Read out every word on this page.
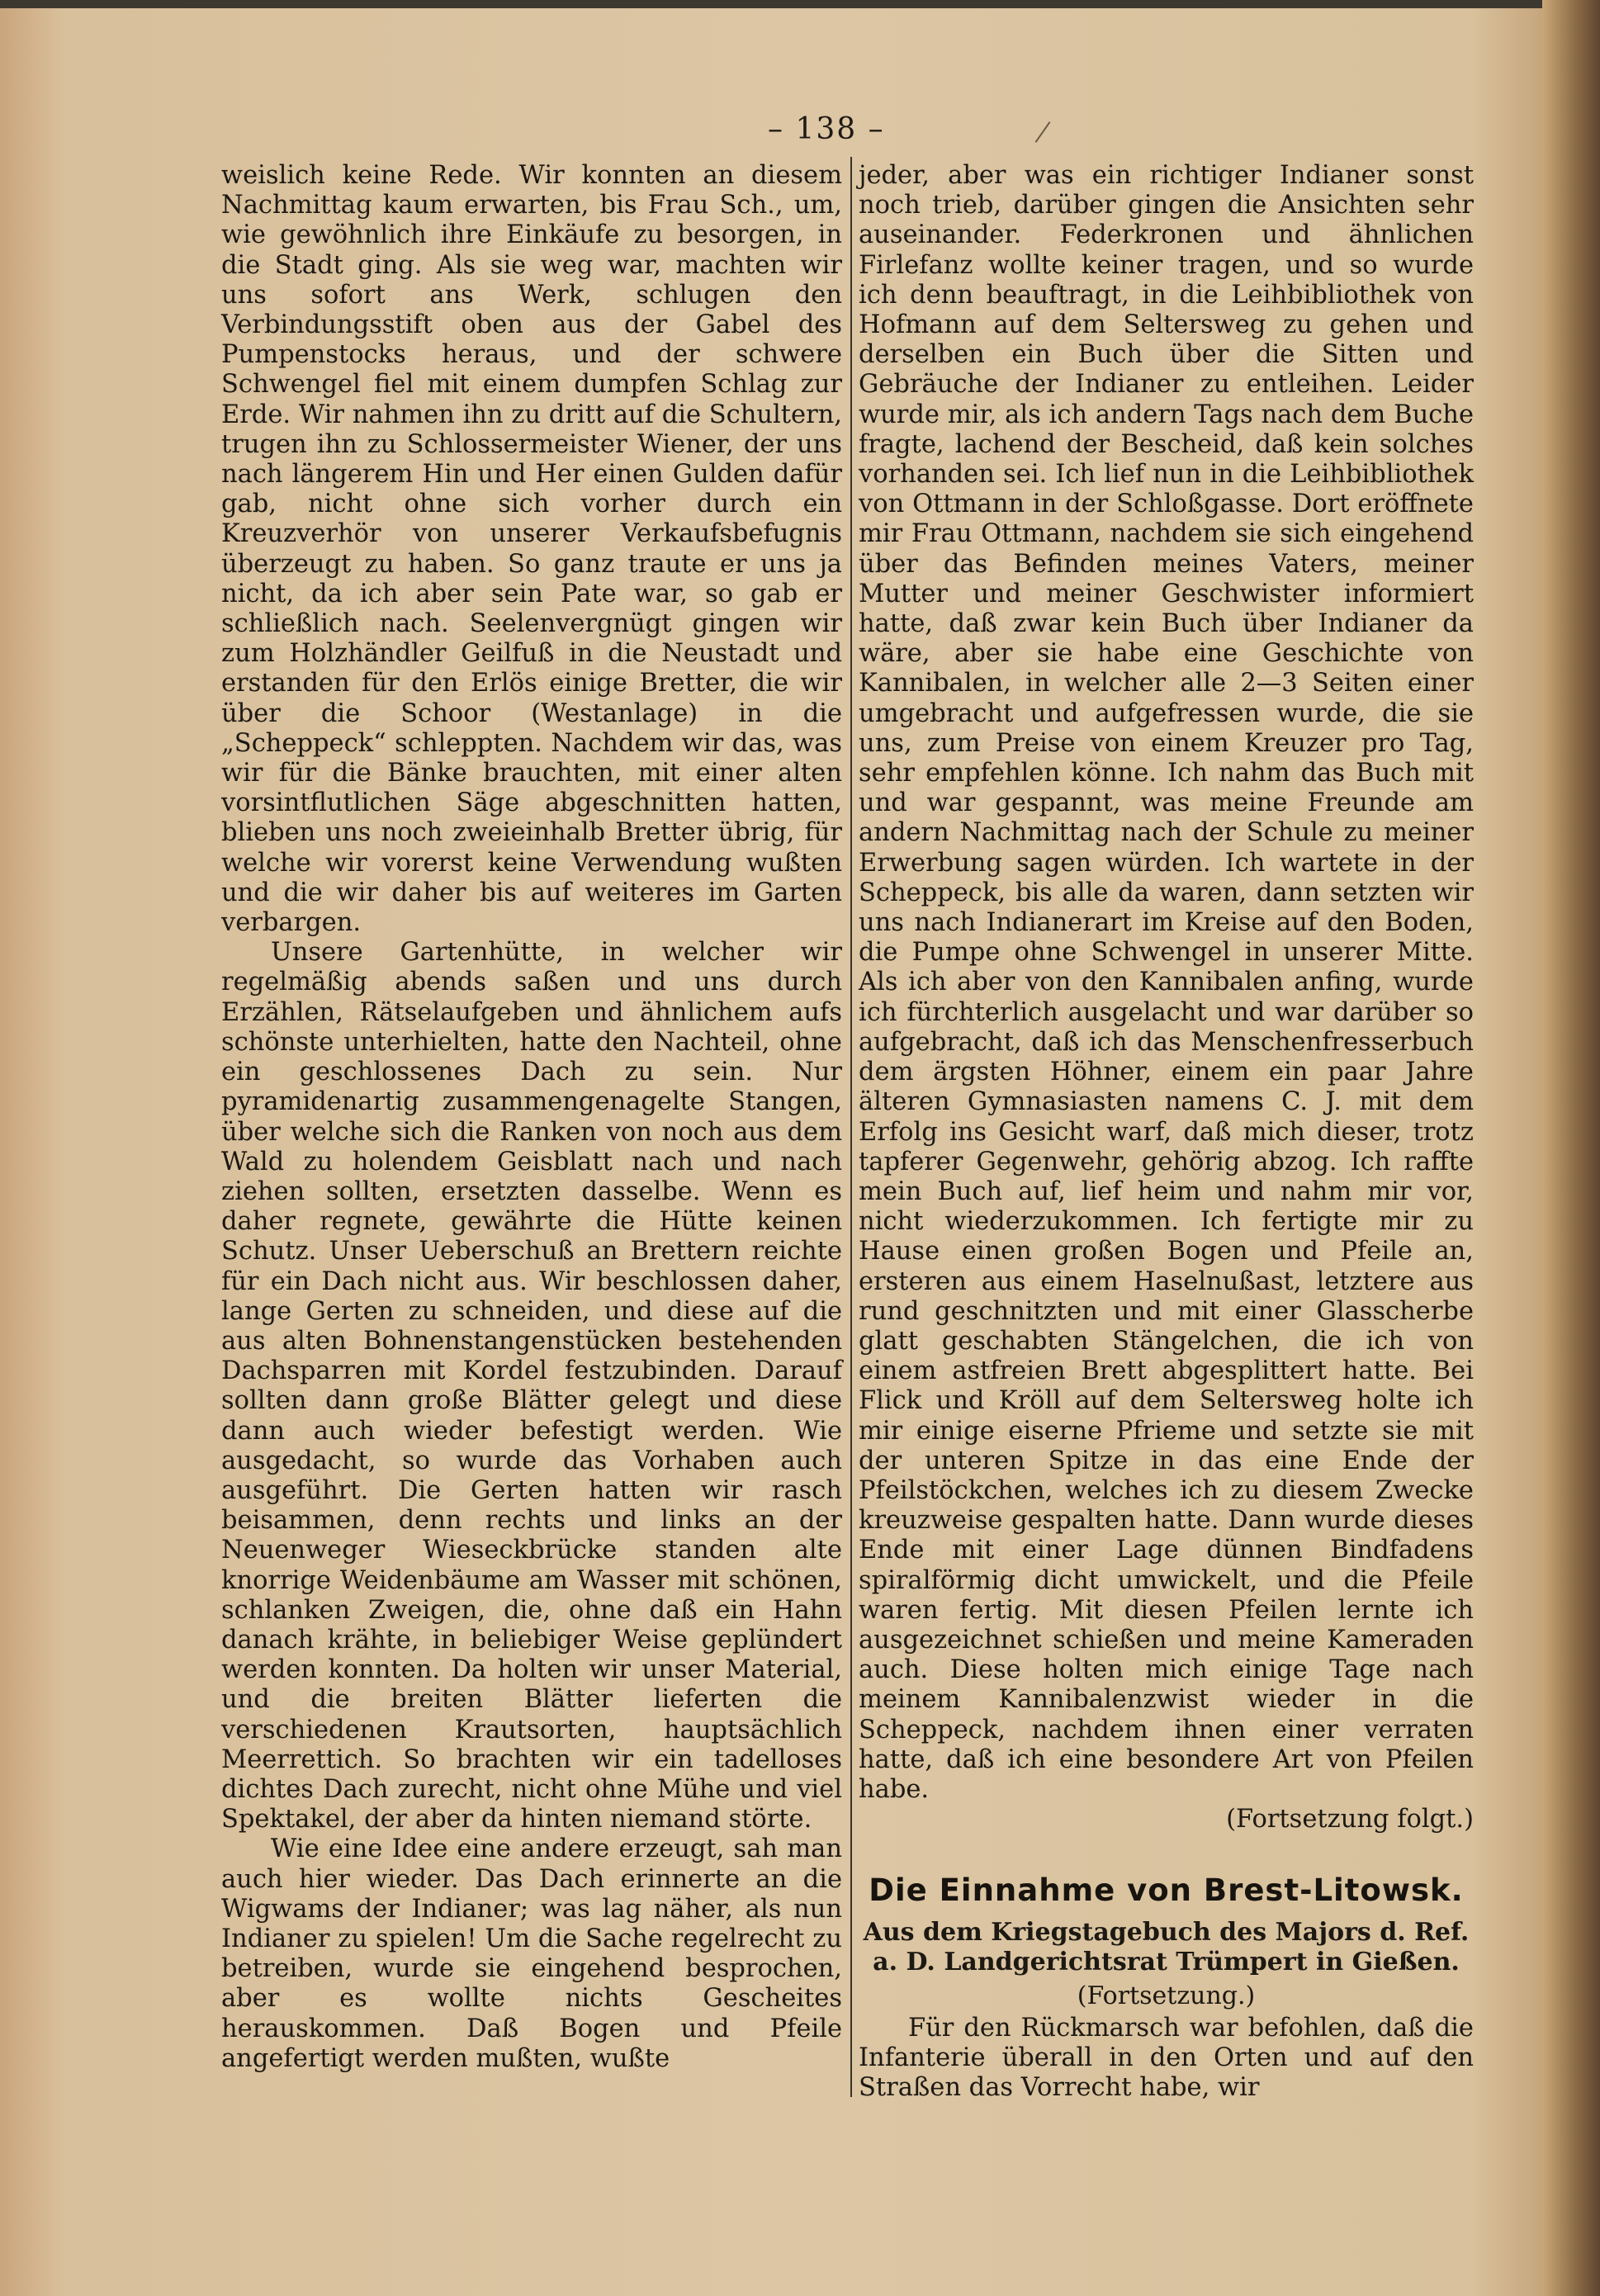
– 138 –

weislich keine Rede. Wir konnten an diesem Nachmittag kaum erwarten, bis Frau Sch., um, wie gewöhnlich ihre Einkäufe zu besorgen, in die Stadt ging. Als sie weg war, machten wir uns sofort ans Werk, schlugen den Verbindungsstift oben aus der Gabel des Pumpenstocks heraus, und der schwere Schwengel fiel mit einem dumpfen Schlag zur Erde. Wir nahmen ihn zu dritt auf die Schultern, trugen ihn zu Schlossermeister Wiener, der uns nach längerem Hin und Her einen Gulden dafür gab, nicht ohne sich vorher durch ein Kreuzverhör von unserer Verkaufsbefugnis überzeugt zu haben. So ganz traute er uns ja nicht, da ich aber sein Pate war, so gab er schließlich nach. Seelenvergnügt gingen wir zum Holzhändler Geilfuß in die Neustadt und erstanden für den Erlös einige Bretter, die wir über die Schoor (Westanlage) in die „Scheppeck“ schleppten. Nachdem wir das, was wir für die Bänke brauchten, mit einer alten vorsintflutlichen Säge abgeschnitten hatten, blieben uns noch zweieinhalb Bretter übrig, für welche wir vorerst keine Verwendung wußten und die wir daher bis auf weiteres im Garten verbargen.

Unsere Gartenhütte, in welcher wir regelmäßig abends saßen und uns durch Erzählen, Rätselaufgeben und ähnlichem aufs schönste unterhielten, hatte den Nachteil, ohne ein geschlossenes Dach zu sein. Nur pyramidenartig zusammengenagelte Stangen, über welche sich die Ranken von noch aus dem Wald zu holendem Geisblatt nach und nach ziehen sollten, ersetzten dasselbe. Wenn es daher regnete, gewährte die Hütte keinen Schutz. Unser Ueberschuß an Brettern reichte für ein Dach nicht aus. Wir beschlossen daher, lange Gerten zu schneiden, und diese auf die aus alten Bohnenstangenstücken bestehenden Dachsparren mit Kordel festzubinden. Darauf sollten dann große Blätter gelegt und diese dann auch wieder befestigt werden. Wie ausgedacht, so wurde das Vorhaben auch ausgeführt. Die Gerten hatten wir rasch beisammen, denn rechts und links an der Neuenweger Wieseckbrücke standen alte knorrige Weidenbäume am Wasser mit schönen, schlanken Zweigen, die, ohne daß ein Hahn danach krähte, in beliebiger Weise geplündert werden konnten. Da holten wir unser Material, und die breiten Blätter lieferten die verschiedenen Krautsorten, hauptsächlich Meerrettich. So brachten wir ein tadelloses dichtes Dach zurecht, nicht ohne Mühe und viel Spektakel, der aber da hinten niemand störte.

Wie eine Idee eine andere erzeugt, sah man auch hier wieder. Das Dach erinnerte an die Wigwams der Indianer; was lag näher, als nun Indianer zu spielen! Um die Sache regelrecht zu betreiben, wurde sie eingehend besprochen, aber es wollte nichts Gescheites herauskommen. Daß Bogen und Pfeile angefertigt werden mußten, wußte

jeder, aber was ein richtiger Indianer sonst noch trieb, darüber gingen die Ansichten sehr auseinander. Federkronen und ähnlichen Firlefanz wollte keiner tragen, und so wurde ich denn beauftragt, in die Leihbibliothek von Hofmann auf dem Seltersweg zu gehen und derselben ein Buch über die Sitten und Gebräuche der Indianer zu entleihen. Leider wurde mir, als ich andern Tags nach dem Buche fragte, lachend der Bescheid, daß kein solches vorhanden sei. Ich lief nun in die Leihbibliothek von Ottmann in der Schloßgasse. Dort eröffnete mir Frau Ottmann, nachdem sie sich eingehend über das Befinden meines Vaters, meiner Mutter und meiner Geschwister informiert hatte, daß zwar kein Buch über Indianer da wäre, aber sie habe eine Geschichte von Kannibalen, in welcher alle 2—3 Seiten einer umgebracht und aufgefressen wurde, die sie uns, zum Preise von einem Kreuzer pro Tag, sehr empfehlen könne. Ich nahm das Buch mit und war gespannt, was meine Freunde am andern Nachmittag nach der Schule zu meiner Erwerbung sagen würden. Ich wartete in der Scheppeck, bis alle da waren, dann setzten wir uns nach Indianerart im Kreise auf den Boden, die Pumpe ohne Schwengel in unserer Mitte. Als ich aber von den Kannibalen anfing, wurde ich fürchterlich ausgelacht und war darüber so aufgebracht, daß ich das Menschenfresserbuch dem ärgsten Höhner, einem ein paar Jahre älteren Gymnasiasten namens C. J. mit dem Erfolg ins Gesicht warf, daß mich dieser, trotz tapferer Gegenwehr, gehörig abzog. Ich raffte mein Buch auf, lief heim und nahm mir vor, nicht wiederzukommen. Ich fertigte mir zu Hause einen großen Bogen und Pfeile an, ersteren aus einem Haselnußast, letztere aus rund geschnitzten und mit einer Glasscherbe glatt geschabten Stängelchen, die ich von einem astfreien Brett abgesplittert hatte. Bei Flick und Kröll auf dem Seltersweg holte ich mir einige eiserne Pfrieme und setzte sie mit der unteren Spitze in das eine Ende der Pfeilstöckchen, welches ich zu diesem Zwecke kreuzweise gespalten hatte. Dann wurde dieses Ende mit einer Lage dünnen Bindfadens spiralförmig dicht umwickelt, und die Pfeile waren fertig. Mit diesen Pfeilen lernte ich ausgezeichnet schießen und meine Kameraden auch. Diese holten mich einige Tage nach meinem Kannibalenzwist wieder in die Scheppeck, nachdem ihnen einer verraten hatte, daß ich eine besondere Art von Pfeilen habe.

(Fortsetzung folgt.)

Die Einnahme von Brest-Litowsk.
Aus dem Kriegstagebuch des Majors d. Ref. a. D. Landgerichtsrat Trümpert in Gießen.
(Fortsetzung.)

Für den Rückmarsch war befohlen, daß die Infanterie überall in den Orten und auf den Straßen das Vorrecht habe, wir
